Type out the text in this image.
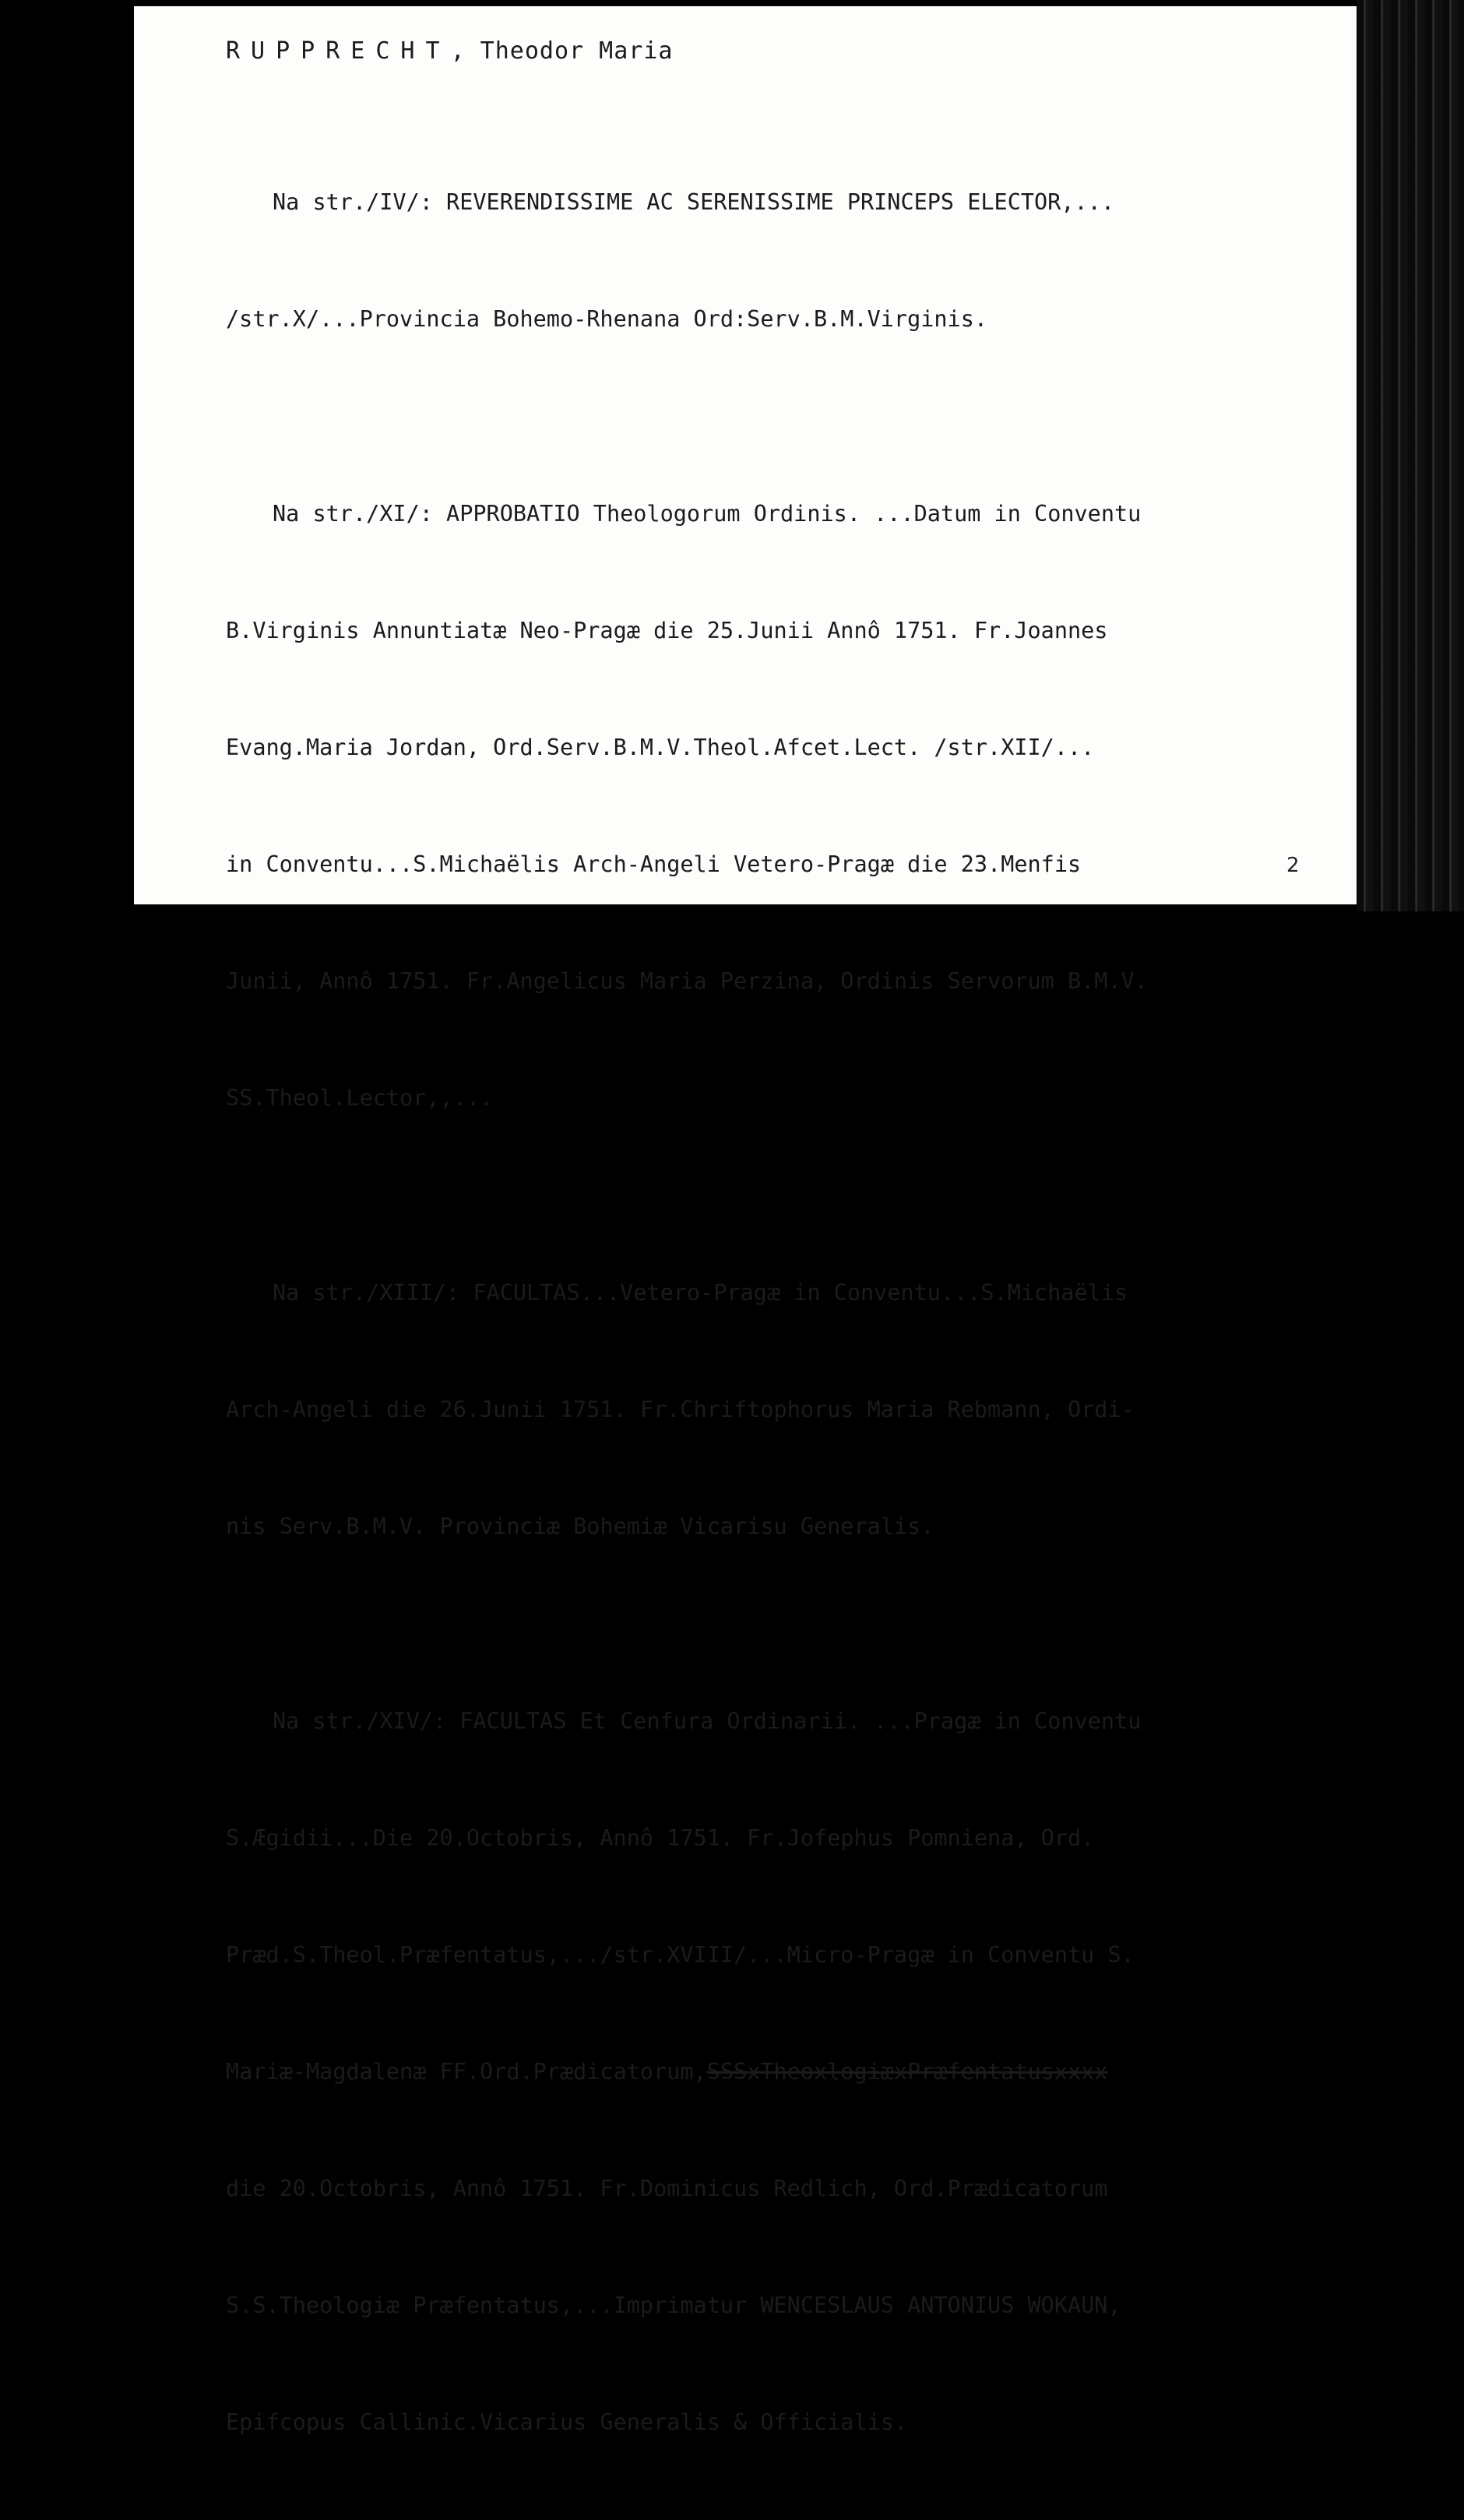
RUPPRECHT, Theodor Maria

Na str./IV/: REVERENDISSIME AC SERENISSIME PRINCEPS ELECTOR,...

/str.X/...Provincia Bohemo-Rhenana Ord:Serv.B.M.Virginis.

Na str./XI/: APPROBATIO Theologorum Ordinis. ...Datum in Conventu

B.Virginis Annuntiatæ Neo-Pragæ die 25.Junii Annô 1751. Fr.Joannes

Evang.Maria Jordan, Ord.Serv.B.M.V.Theol.Afcet.Lect. /str.XII/...

in Conventu...S.Michaëlis Arch-Angeli Vetero-Pragæ die 23.Menfis

Junii, Annô 1751. Fr.Angelicus Maria Perzina, Ordinis Servorum B.M.V.

SS.Theol.Lector,,...

Na str./XIII/: FACULTAS...Vetero-Pragæ in Conventu...S.Michaëlis

Arch-Angeli die 26.Junii 1751. Fr.Chriftophorus Maria Rebmann, Ordi-

nis Serv.B.M.V. Provinciæ Bohemiæ Vicarisu Generalis.

Na str./XIV/: FACULTAS Et Cenfura Ordinarii. ...Pragæ in Conventu

S.Ægidii...Die 20.Octobris, Annô 1751. Fr.Jofephus Pomniena, Ord.

Præd.S.Theol.Præfentatus,.../str.XVIII/...Micro-Pragæ in Conventu S.

Mariæ-Magdalenæ FF.Ord.Prædicatorum,SSSxTheoxlogiæxPræfentatusxxxx

die 20.Octobris, Annô 1751. Fr.Dominicus Redlich, Ord.Prædicatorum

S.S.Theologiæ Præfentatus,...Imprimatur WENCESLAUS ANTONIUS WOKAUN,

Epifcopus Callinic.Vicarius Generalis & Officialis.

2
